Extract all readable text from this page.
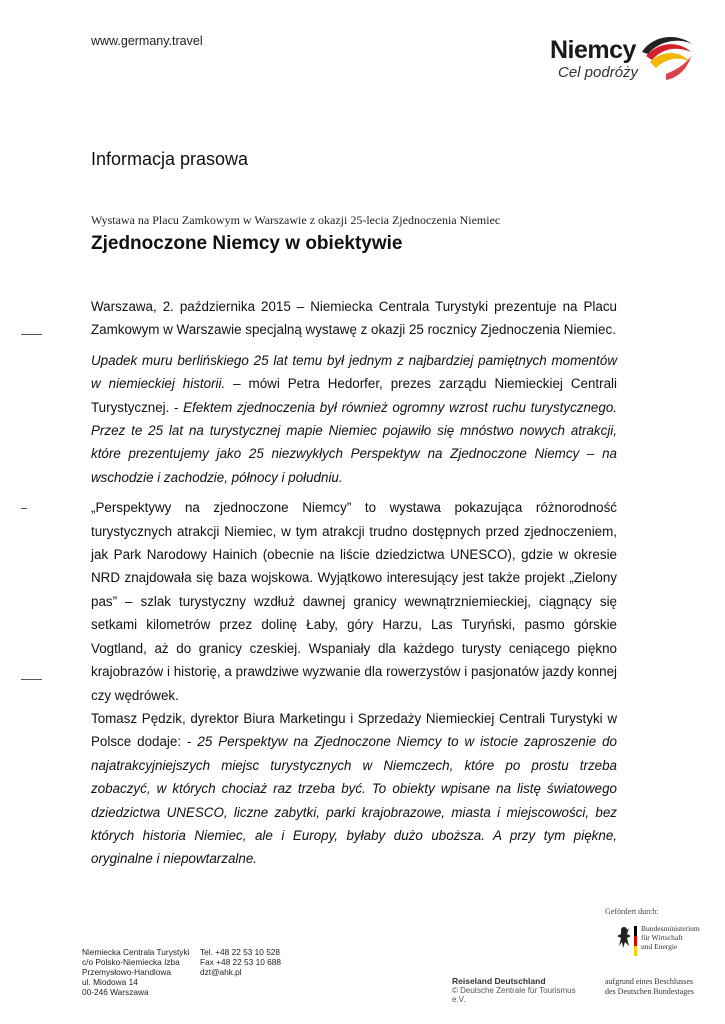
www.germany.travel	Niemcy
Cel podróży
Informacja prasowa
Wystawa na Placu Zamkowym w Warszawie z okazji 25-lecia Zjednoczenia Niemiec
Zjednoczone Niemcy w obiektywie

Warszawa, 2. października 2015 – Niemiecka Centrala Turystyki prezentuje na Placu Zamkowym w Warszawie specjalną wystawę z okazji 25 rocznicy Zjednoczenia Niemiec.

Upadek muru berlińskiego 25 lat temu był jednym z najbardziej pamiętnych momentów w niemieckiej historii. – mówi Petra Hedorfer, prezes zarządu Niemieckiej Centrali Turystycznej. - Efektem zjednoczenia był również ogromny wzrost ruchu turystycznego. Przez te 25 lat na turystycznej mapie Niemiec pojawiło się mnóstwo nowych atrakcji, które prezentujemy jako 25 niezwykłych Perspektyw na Zjednoczone Niemcy – na wschodzie i zachodzie, północy i południu.

„Perspektywy na zjednoczone Niemcy” to wystawa pokazująca różnorodność turystycznych atrakcji Niemiec, w tym atrakcji trudno dostępnych przed zjednoczeniem, jak Park Narodowy Hainich (obecnie na liście dziedzictwa UNESCO), gdzie w okresie NRD znajdowała się baza wojskowa. Wyjątkowo interesujący jest także projekt „Zielony pas” – szlak turystyczny wzdłuż dawnej granicy wewnątrzniemieckiej, ciągnący się setkami kilometrów przez dolinę Łaby, góry Harzu, Las Turyński, pasmo górskie Vogtland, aż do granicy czeskiej. Wspaniały dla każdego turysty ceniącego piękno krajobrazów i historię, a prawdziwe wyzwanie dla rowerzystów i pasjonatów jazdy konnej czy wędrówek.

Tomasz Pędzik, dyrektor Biura Marketingu i Sprzedaży Niemieckiej Centrali Turystyki w Polsce dodaje: - 25 Perspektyw na Zjednoczone Niemcy to w istocie zaproszenie do najatrakcyjniejszych miejsc turystycznych w Niemczech, które po prostu trzeba zobaczyć, w których chociaż raz trzeba być. To obiekty wpisane na listę światowego dziedzictwa UNESCO, liczne zabytki, parki krajobrazowe, miasta i miejscowości, bez których historia Niemiec, ale i Europy, byłaby dużo uboższa. A przy tym piękne, oryginalne i niepowtarzalne.

Niemiecka Centrala Turystyki
c/o Polsko-Niemiecka Izba
Przemysłowo-Handlowa
ul. Miodowa 14
00-246 Warszawa
Tel. +48 22 53 10 528
Fax +48 22 53 10 688
dzt@ahk.pl
Reiseland Deutschland
© Deutsche Zentrale für Tourismus e.V.
Gefördert durch:
Bundesministerium
für Wirtschaft
und Energie
aufgrund eines Beschlusses
des Deutschen Bundestages
